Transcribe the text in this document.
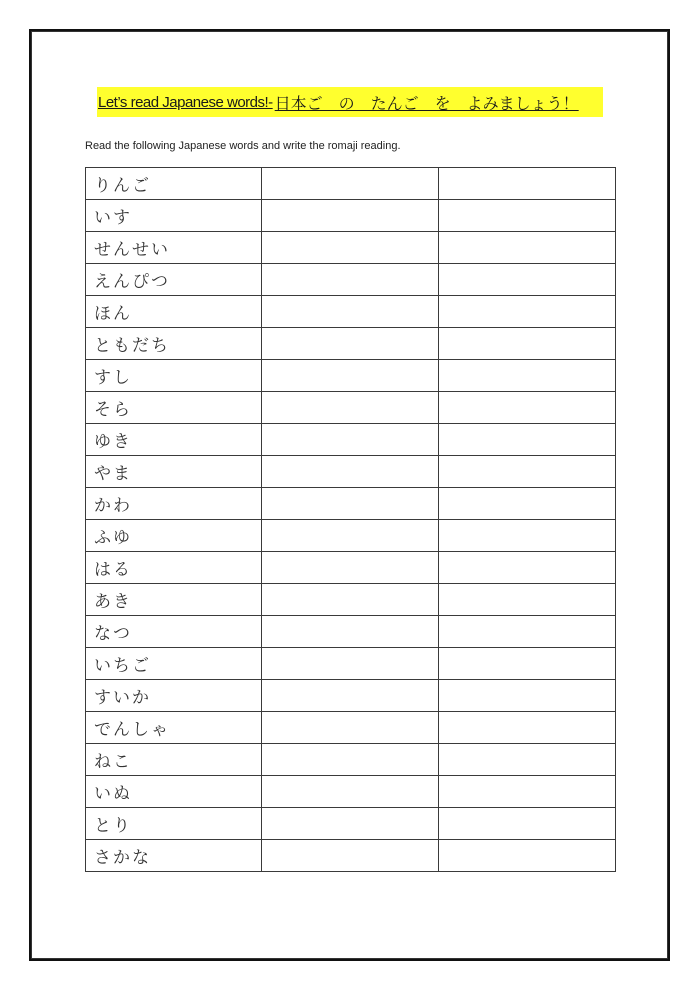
Let’s read Japanese words!- 日本ご　の　たんご　を　よみましょう！
Read the following Japanese words and write the romaji reading.
りんご		
いす		
せんせい		
えんぴつ		
ほん		
ともだち		
すし		
そら		
ゆき		
やま		
かわ		
ふゆ		
はる		
あき		
なつ		
いちご		
すいか		
でんしゃ		
ねこ		
いぬ		
とり		
さかな		
